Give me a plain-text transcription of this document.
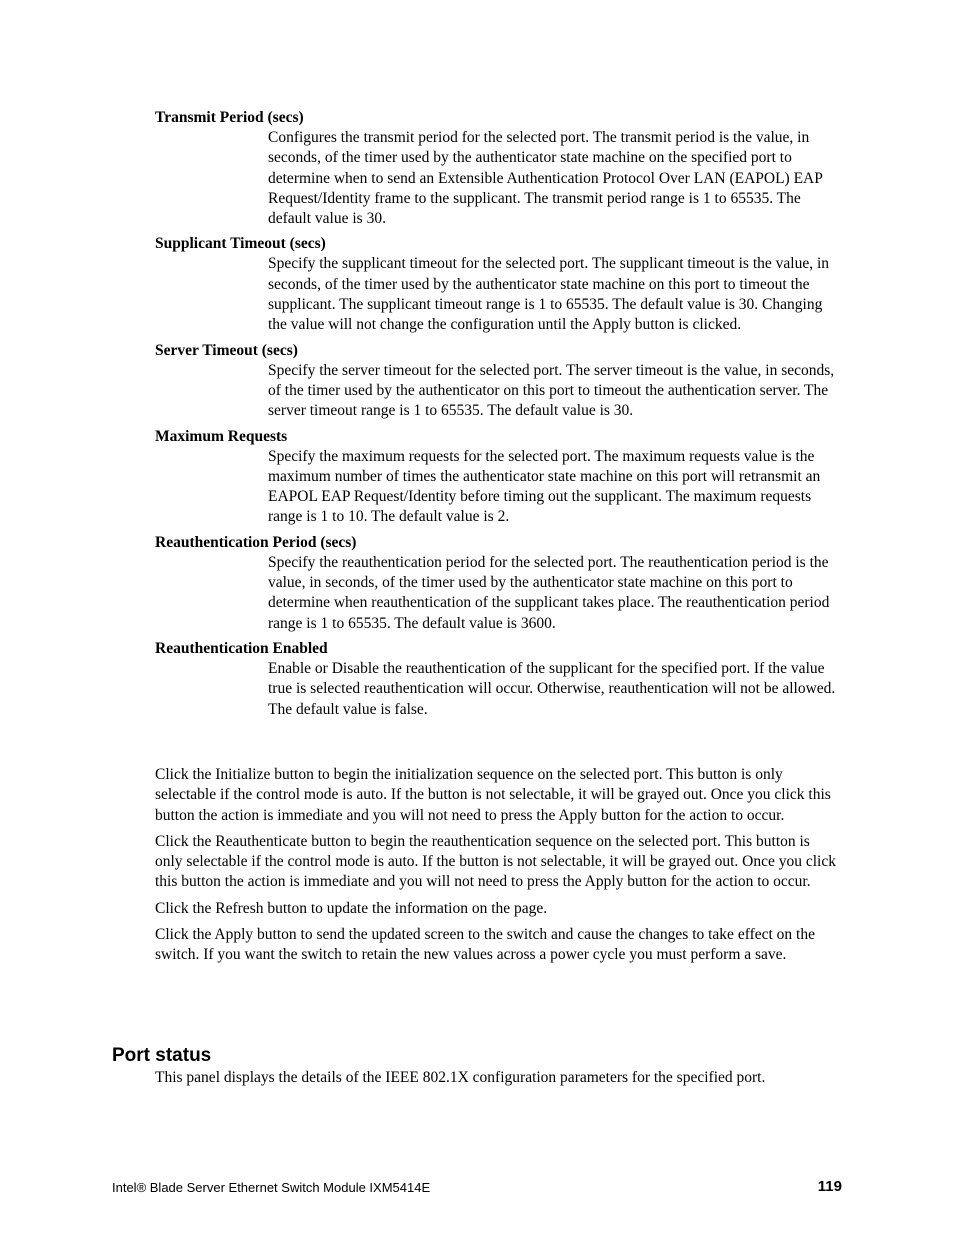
Transmit Period (secs)

Configures the transmit period for the selected port. The transmit period is the value, in seconds, of the timer used by the authenticator state machine on the specified port to determine when to send an Extensible Authentication Protocol Over LAN (EAPOL) EAP Request/Identity frame to the supplicant. The transmit period range is 1 to 65535. The default value is 30.

Supplicant Timeout (secs)

Specify the supplicant timeout for the selected port. The supplicant timeout is the value, in seconds, of the timer used by the authenticator state machine on this port to timeout the supplicant. The supplicant timeout range is 1 to 65535. The default value is 30. Changing the value will not change the configuration until the Apply button is clicked.

Server Timeout (secs)

Specify the server timeout for the selected port. The server timeout is the value, in seconds, of the timer used by the authenticator on this port to timeout the authentication server. The server timeout range is 1 to 65535. The default value is 30.

Maximum Requests

Specify the maximum requests for the selected port. The maximum requests value is the maximum number of times the authenticator state machine on this port will retransmit an EAPOL EAP Request/Identity before timing out the supplicant. The maximum requests range is 1 to 10. The default value is 2.

Reauthentication Period (secs)

Specify the reauthentication period for the selected port. The reauthentication period is the value, in seconds, of the timer used by the authenticator state machine on this port to determine when reauthentication of the supplicant takes place. The reauthentication period range is 1 to 65535. The default value is 3600.

Reauthentication Enabled

Enable or Disable the reauthentication of the supplicant for the specified port. If the value true is selected reauthentication will occur. Otherwise, reauthentication will not be allowed. The default value is false.

Click the Initialize button to begin the initialization sequence on the selected port. This button is only selectable if the control mode is auto. If the button is not selectable, it will be grayed out. Once you click this button the action is immediate and you will not need to press the Apply button for the action to occur.

Click the Reauthenticate button to begin the reauthentication sequence on the selected port. This button is only selectable if the control mode is auto. If the button is not selectable, it will be grayed out. Once you click this button the action is immediate and you will not need to press the Apply button for the action to occur.

Click the Refresh button to update the information on the page.

Click the Apply button to send the updated screen to the switch and cause the changes to take effect on the switch. If you want the switch to retain the new values across a power cycle you must perform a save.

Port status

This panel displays the details of the IEEE 802.1X configuration parameters for the specified port.

Intel® Blade Server Ethernet Switch Module IXM5414E	119
